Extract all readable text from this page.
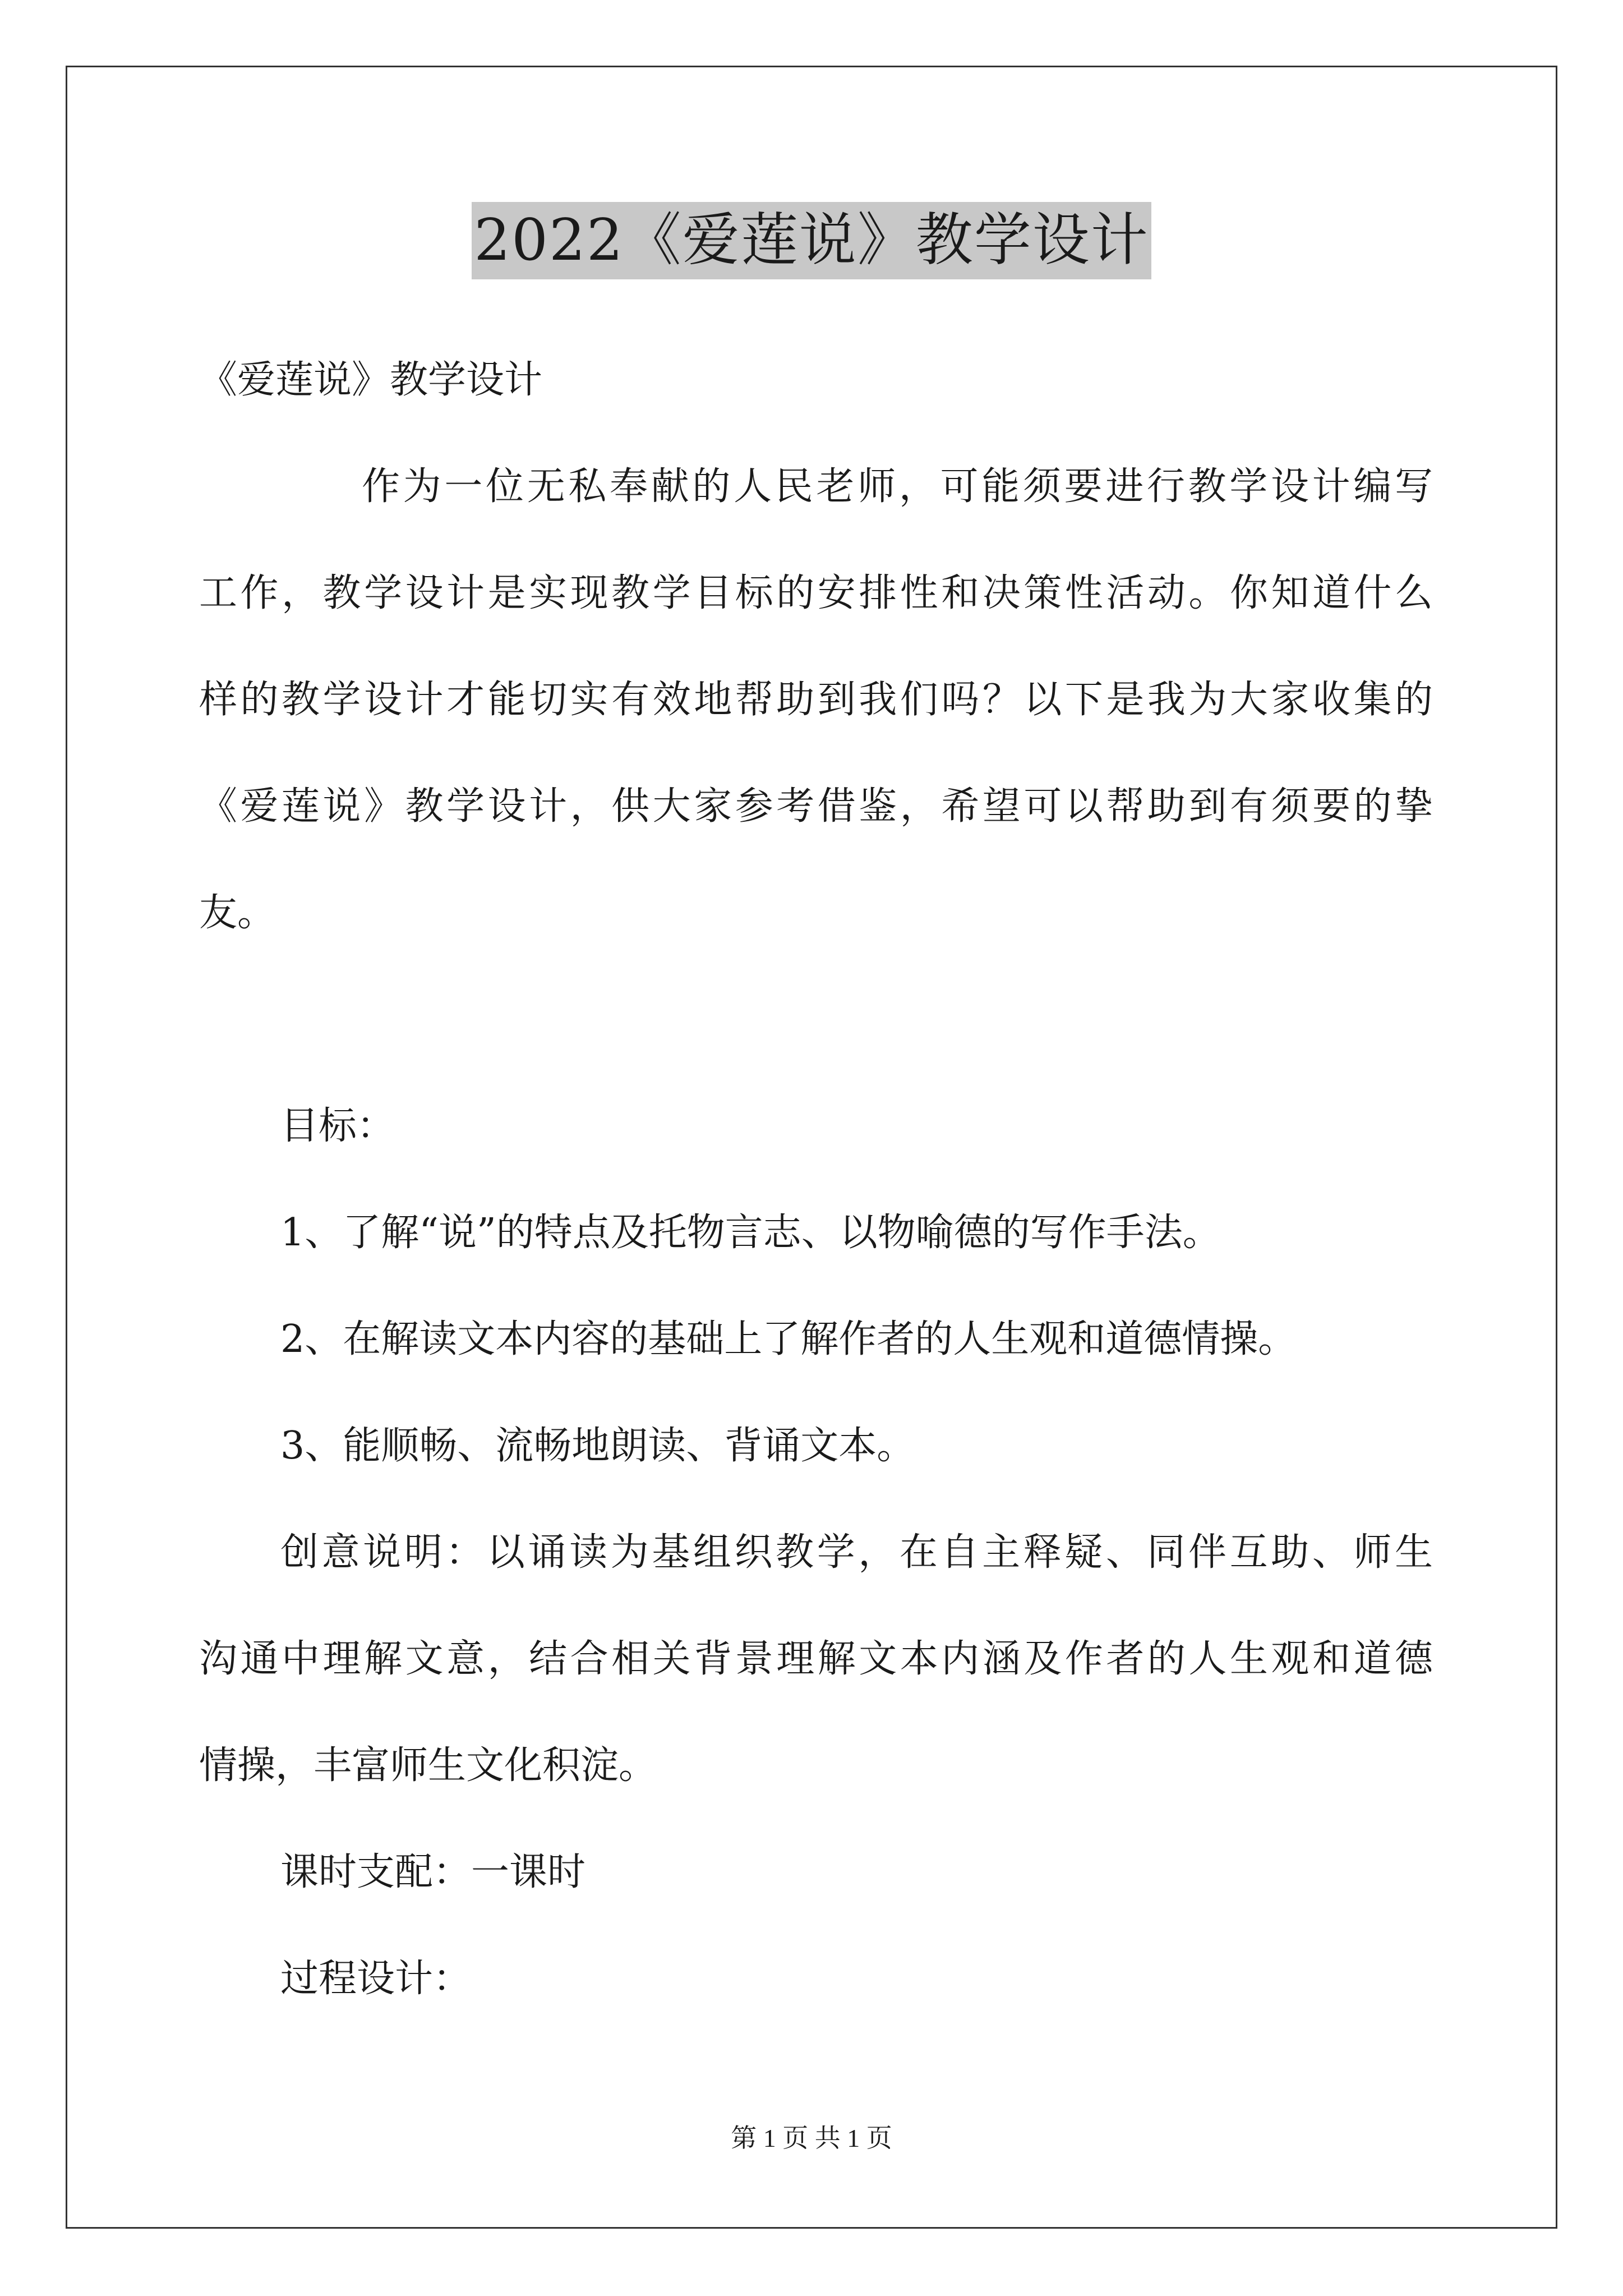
2022《爱莲说》教学设计
《爱莲说》教学设计
作为一位无私奉献的人民老师，可能须要进行教学设计编写
工作，教学设计是实现教学目标的安排性和决策性活动。你知道什么
样的教学设计才能切实有效地帮助到我们吗？以下是我为大家收集的
《爱莲说》教学设计，供大家参考借鉴，希望可以帮助到有须要的挚
友。
目标：
1、了解“说”的特点及托物言志、以物喻德的写作手法。
2、在解读文本内容的基础上了解作者的人生观和道德情操。
3、能顺畅、流畅地朗读、背诵文本。
创意说明：以诵读为基组织教学，在自主释疑、同伴互助、师生
沟通中理解文意，结合相关背景理解文本内涵及作者的人生观和道德
情操，丰富师生文化积淀。
课时支配：一课时
过程设计：
第 1 页 共 1 页
